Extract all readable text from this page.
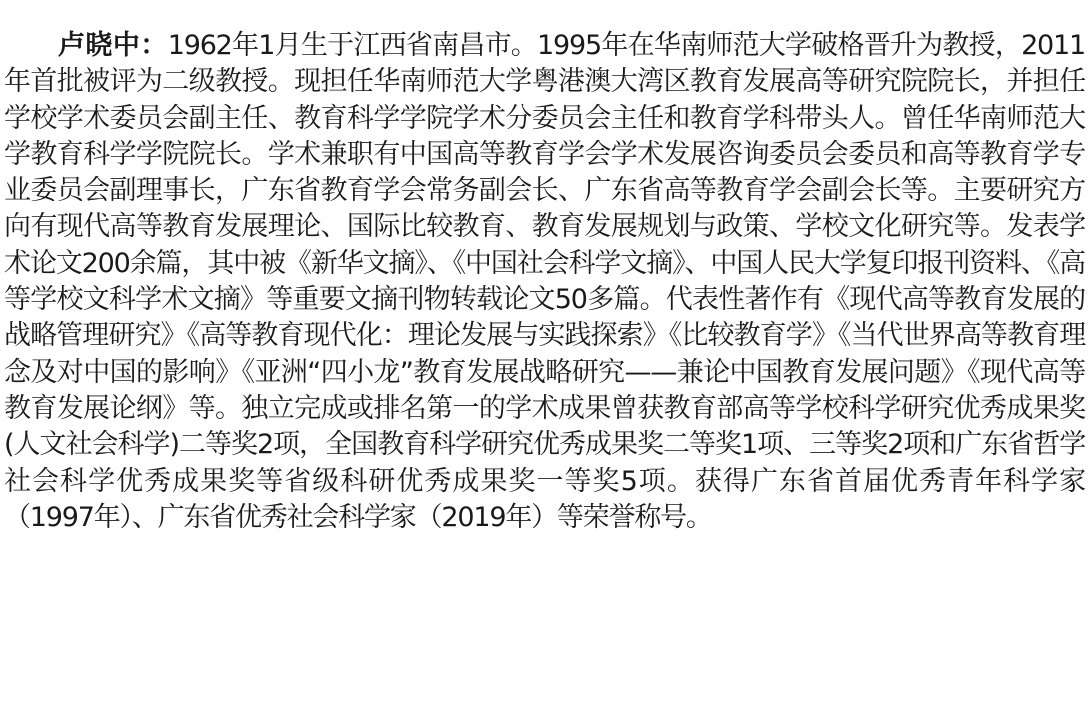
卢晓中：1962年1月生于江西省南昌市。1995年在华南师范大学破格晋升为教授，2011年首批被评为二级教授。现担任华南师范大学粤港澳大湾区教育发展高等研究院院长，并担任学校学术委员会副主任、教育科学学院学术分委员会主任和教育学科带头人。曾任华南师范大学教育科学学院院长。学术兼职有中国高等教育学会学术发展咨询委员会委员和高等教育学专业委员会副理事长，广东省教育学会常务副会长、广东省高等教育学会副会长等。主要研究方向有现代高等教育发展理论、国际比较教育、教育发展规划与政策、学校文化研究等。发表学术论文200余篇，其中被《新华文摘》、《中国社会科学文摘》、中国人民大学复印报刊资料、《高等学校文科学术文摘》等重要文摘刊物转载论文50多篇。代表性著作有《现代高等教育发展的战略管理研究》《高等教育现代化：理论发展与实践探索》《比较教育学》《当代世界高等教育理念及对中国的影响》《亚洲“四小龙”教育发展战略研究——兼论中国教育发展问题》《现代高等教育发展论纲》等。独立完成或排名第一的学术成果曾获教育部高等学校科学研究优秀成果奖(人文社会科学)二等奖2项，全国教育科学研究优秀成果奖二等奖1项、三等奖2项和广东省哲学社会科学优秀成果奖等省级科研优秀成果奖一等奖5项。获得广东省首届优秀青年科学家（1997年）、广东省优秀社会科学家（2019年）等荣誉称号。
